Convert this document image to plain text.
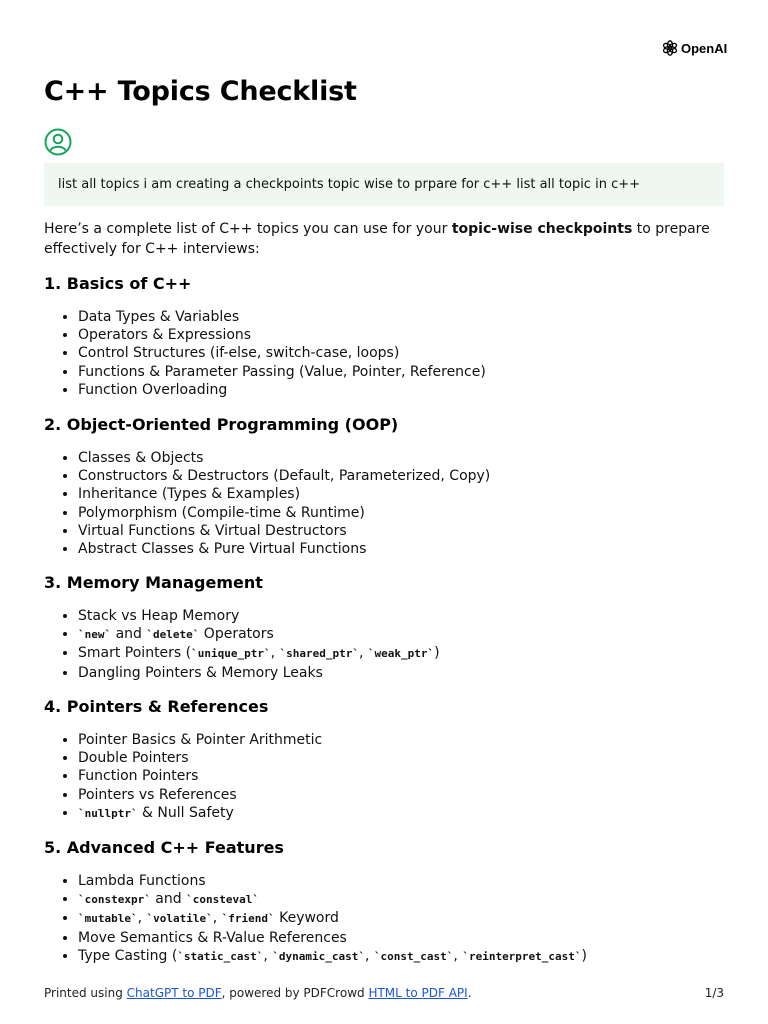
OpenAI
C++ Topics Checklist
list all topics i am creating a checkpoints topic wise to prpare for c++ list all topic in c++

Here’s a complete list of C++ topics you can use for your topic-wise checkpoints to prepare effectively for C++ interviews:

1. Basics of C++
• Data Types & Variables
• Operators & Expressions
• Control Structures (if-else, switch-case, loops)
• Functions & Parameter Passing (Value, Pointer, Reference)
• Function Overloading
2. Object-Oriented Programming (OOP)
• Classes & Objects
• Constructors & Destructors (Default, Parameterized, Copy)
• Inheritance (Types & Examples)
• Polymorphism (Compile-time & Runtime)
• Virtual Functions & Virtual Destructors
• Abstract Classes & Pure Virtual Functions
3. Memory Management
• Stack vs Heap Memory
• `new` and `delete` Operators
• Smart Pointers (`unique_ptr`, `shared_ptr`, `weak_ptr`)
• Dangling Pointers & Memory Leaks
4. Pointers & References
• Pointer Basics & Pointer Arithmetic
• Double Pointers
• Function Pointers
• Pointers vs References
• `nullptr` & Null Safety
5. Advanced C++ Features
• Lambda Functions
• `constexpr` and `consteval`
• `mutable`, `volatile`, `friend` Keyword
• Move Semantics & R-Value References
• Type Casting (`static_cast`, `dynamic_cast`, `const_cast`, `reinterpret_cast`)
Printed using ChatGPT to PDF, powered by PDFCrowd HTML to PDF API.	1/3
